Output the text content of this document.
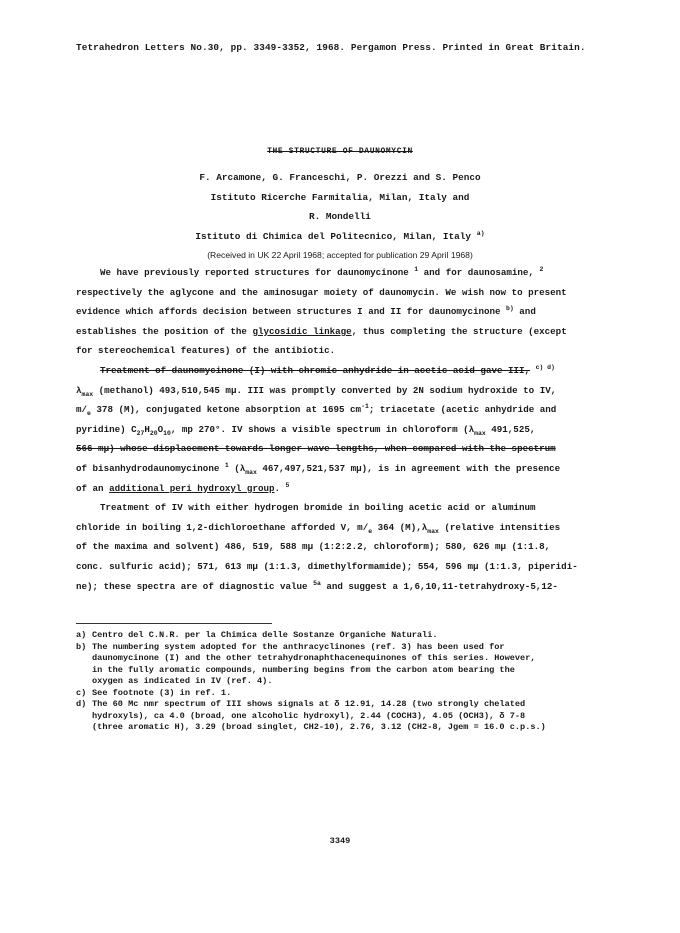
Tetrahedron Letters No.30, pp. 3349-3352, 1968. Pergamon Press. Printed in Great Britain.
THE STRUCTURE OF DAUNOMYCIN
F. Arcamone, G. Franceschi, P. Orezzi and S. Penco
Istituto Ricerche Farmitalia, Milan, Italy and
R. Mondelli
Istituto di Chimica del Politecnico, Milan, Italy $^{a)}$
(Received in UK 22 April 1968; accepted for publication 29 April 1968)
We have previously reported structures for daunomycinone $^1$ and for daunosamine, $^2$
respectively the aglycone and the aminosugar moiety of daunomycin. We wish now to present
evidence which affords decision between structures I and II for daunomycinone $^{b)}$ and
establishes the position of the glycosidic linkage, thus completing the structure (except
for stereochemical features) of the antibiotic.
Treatment of daunomycinone (I) with chromic anhydride in acetic acid gave III, $^{c) d)}$
$\lambda_{max}$ (methanol) 493,510,545 mμ. III was promptly converted by 2N sodium hydroxide to IV,
$m/_e$ 378 (M), conjugated ketone absorption at 1695 $cm^{-1}$; triacetate (acetic anhydride and
pyridine) $C_{27}H_{20}O_{10}$, mp 270°. IV shows a visible spectrum in chloroform ($\lambda_{max}$ 491,525,
566 mμ) whose displacement towards longer wave lengths, when compared with the spectrum
of bisanhydrodaunomycinone $^1$ ($\lambda_{max}$ 467,497,521,537 mμ), is in agreement with the presence
of an additional peri hydroxyl group. $^5$
Treatment of IV with either hydrogen bromide in boiling acetic acid or aluminum
chloride in boiling 1,2-dichloroethane afforded V, $m/_e$ 364 $(M),\lambda_{max}$ (relative intensities
of the maxima and solvent) 486, 519, 588 mμ (1:2:2.2, chloroform); 580, 626 mμ (1:1.8,
conc. sulfuric acid); 571, 613 mμ (1:1.3, dimethylformamide); 554, 596 mμ (1:1.3, piperidi-
ne); these spectra are of diagnostic value $^{5a}$ and suggest a 1,6,10,11-tetrahydroxy-5,12-
a) Centro del C.N.R. per la Chimica delle Sostanze Organiche Naturali.
b) The numbering system adopted for the anthracyclinones (ref. 3) has been used for
daunomycinone (I) and the other tetrahydronaphthacenequinones of this series. However,
in the fully aromatic compounds, numbering begins from the carbon atom bearing the
oxygen as indicated in IV (ref. 4).
c) See footnote (3) in ref. 1.
d) The 60 Mc nmr spectrum of III shows signals at δ 12.91, 14.28 (two strongly chelated
hydroxyls), ca 4.0 (broad, one alcoholic hydroxyl), 2.44 (COCH3), 4.05 (OCH3), δ 7-8
(three aromatic H), 3.29 (broad singlet, CH2-10), 2.76, 3.12 (CH2-8, Jgem = 16.0 c.p.s.)
3349
